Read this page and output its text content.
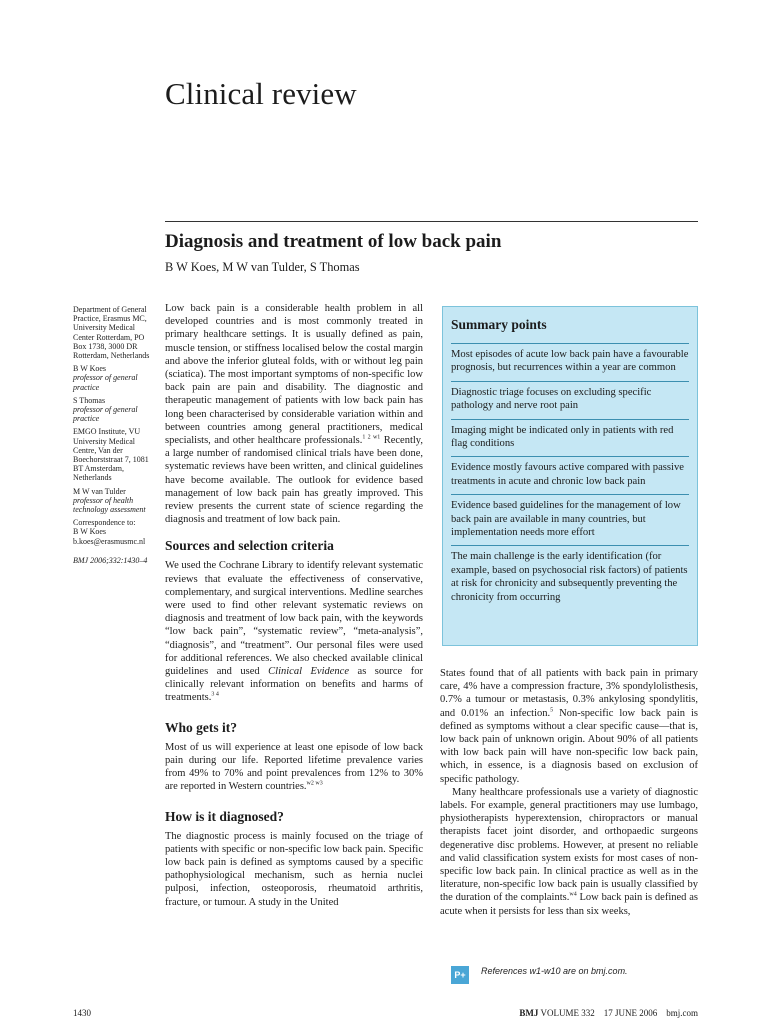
Clinical review
Diagnosis and treatment of low back pain

B W Koes, M W van Tulder, S Thomas

Department of General Practice, Erasmus MC, University Medical Center Rotterdam, PO Box 1738, 3000 DR Rotterdam, Netherlands

B W Koes

professor of general practice

S Thomas

professor of general practice

EMGO Institute, VU University Medical Centre, Van der Boechorststraat 7, 1081 BT Amsterdam, Netherlands

M W van Tulder

professor of health technology assessment

Correspondence to:
B W Koes

b.koes@erasmusmc.nl

BMJ 2006;332:1430–4

Low back pain is a considerable health problem in all developed countries and is most commonly treated in primary healthcare settings. It is usually defined as pain, muscle tension, or stiffness localised below the costal margin and above the inferior gluteal folds, with or without leg pain (sciatica). The most important symptoms of non-specific low back pain are pain and disability. The diagnostic and therapeutic management of patients with low back pain has long been characterised by considerable variation within and between countries among general practitioners, medical specialists, and other healthcare professionals.$^{1 2 w1}$ Recently, a large number of randomised clinical trials have been done, systematic reviews have been written, and clinical guidelines have become available. The outlook for evidence based management of low back pain has greatly improved. This review presents the current state of science regarding the diagnosis and treatment of low back pain.

Sources and selection criteria

We used the Cochrane Library to identify relevant systematic reviews that evaluate the effectiveness of conservative, complementary, and surgical interventions. Medline searches were used to find other relevant systematic reviews on diagnosis and treatment of low back pain, with the keywords “low back pain”, “systematic review”, “meta-analysis”, “diagnosis”, and “treatment”. Our personal files were used for additional references. We also checked available clinical guidelines and used Clinical Evidence as source for clinically relevant information on benefits and harms of treatments.$^{3 4}$

Who gets it?

Most of us will experience at least one episode of low back pain during our life. Reported lifetime prevalence varies from 49% to 70% and point prevalences from 12% to 30% are reported in Western countries.$^{w2 w3}$

How is it diagnosed?

The diagnostic process is mainly focused on the triage of patients with specific or non-specific low back pain. Specific low back pain is defined as symptoms caused by a specific pathophysiological mechanism, such as hernia nuclei pulposi, infection, osteoporosis, rheumatoid arthritis, fracture, or tumour. A study in the United

Summary points
Most episodes of acute low back pain have a favourable prognosis, but recurrences within a year are common
Diagnostic triage focuses on excluding specific pathology and nerve root pain
Imaging might be indicated only in patients with red flag conditions
Evidence mostly favours active compared with passive treatments in acute and chronic low back pain
Evidence based guidelines for the management of low back pain are available in many countries, but implementation needs more effort
The main challenge is the early identification (for example, based on psychosocial risk factors) of patients at risk for chronicity and subsequently preventing the chronicity from occurring

States found that of all patients with back pain in primary care, 4% have a compression fracture, 3% spondylolisthesis, 0.7% a tumour or metastasis, 0.3% ankylosing spondylitis, and 0.01% an infection.$^5$ Non-specific low back pain is defined as symptoms without a clear specific cause—that is, low back pain of unknown origin. About 90% of all patients with low back pain will have non-specific low back pain, which, in essence, is a diagnosis based on exclusion of specific pathology.

Many healthcare professionals use a variety of diagnostic labels. For example, general practitioners may use lumbago, physiotherapists hyperextension, chiropractors or manual therapists facet joint disorder, and orthopaedic surgeons degenerative disc problems. However, at present no reliable and valid classification system exists for most cases of non-specific low back pain. In clinical practice as well as in the literature, non-specific low back pain is usually classified by the duration of the complaints.$^{w4}$ Low back pain is defined as acute when it persists for less than six weeks,

P+	References w1-w10 are on bmj.com.
1430	BMJ VOLUME 332    17 JUNE 2006    bmj.com
